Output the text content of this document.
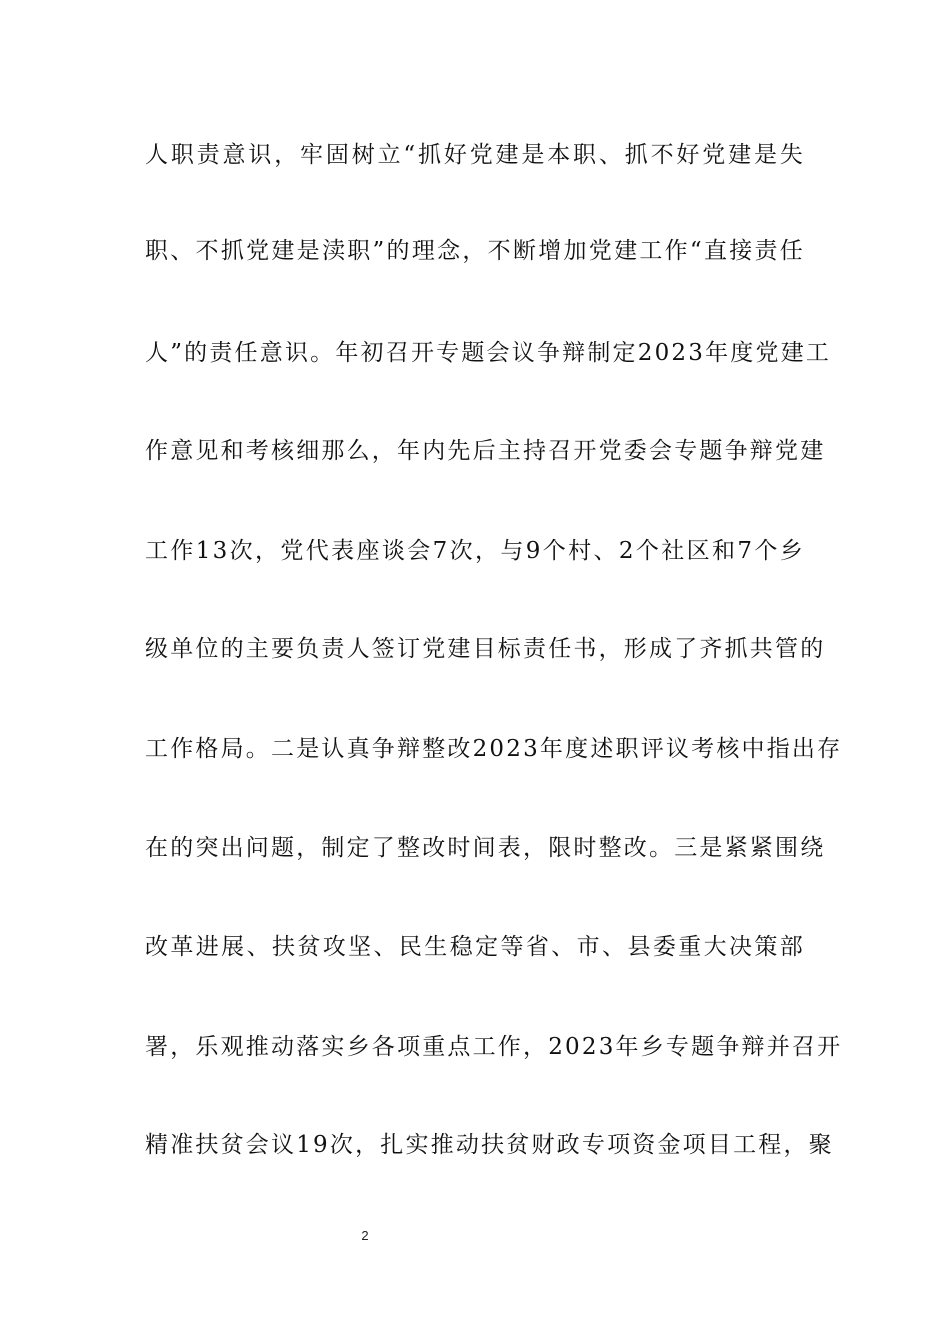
人职责意识，牢固树立“抓好党建是本职、抓不好党建是失
职、不抓党建是渎职”的理念，不断增加党建工作“直接责任
人”的责任意识。年初召开专题会议争辩制定2023年度党建工
作意见和考核细那么，年内先后主持召开党委会专题争辩党建
工作13次，党代表座谈会7次，与9个村、2个社区和7个乡
级单位的主要负责人签订党建目标责任书，形成了齐抓共管的
工作格局。二是认真争辩整改2023年度述职评议考核中指出存
在的突出问题，制定了整改时间表，限时整改。三是紧紧围绕
改革进展、扶贫攻坚、民生稳定等省、市、县委重大决策部
署，乐观推动落实乡各项重点工作，2023年乡专题争辩并召开
精准扶贫会议19次，扎实推动扶贫财政专项资金项目工程，聚
2
